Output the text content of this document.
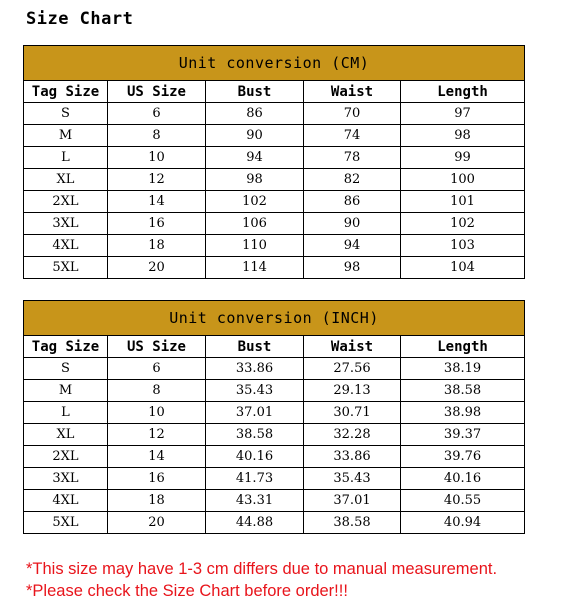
Size Chart
Unit conversion (CM)				
Tag Size	US Size	Bust	Waist	Length
S	6	86	70	97
M	8	90	74	98
L	10	94	78	99
XL	12	98	82	100
2XL	14	102	86	101
3XL	16	106	90	102
4XL	18	110	94	103
5XL	20	114	98	104
Unit conversion (INCH)				
Tag Size	US Size	Bust	Waist	Length
S	6	33.86	27.56	38.19
M	8	35.43	29.13	38.58
L	10	37.01	30.71	38.98
XL	12	38.58	32.28	39.37
2XL	14	40.16	33.86	39.76
3XL	16	41.73	35.43	40.16
4XL	18	43.31	37.01	40.55
5XL	20	44.88	38.58	40.94
*This size may have 1-3 cm differs due to manual measurement.
*Please check the Size Chart before order!!!
